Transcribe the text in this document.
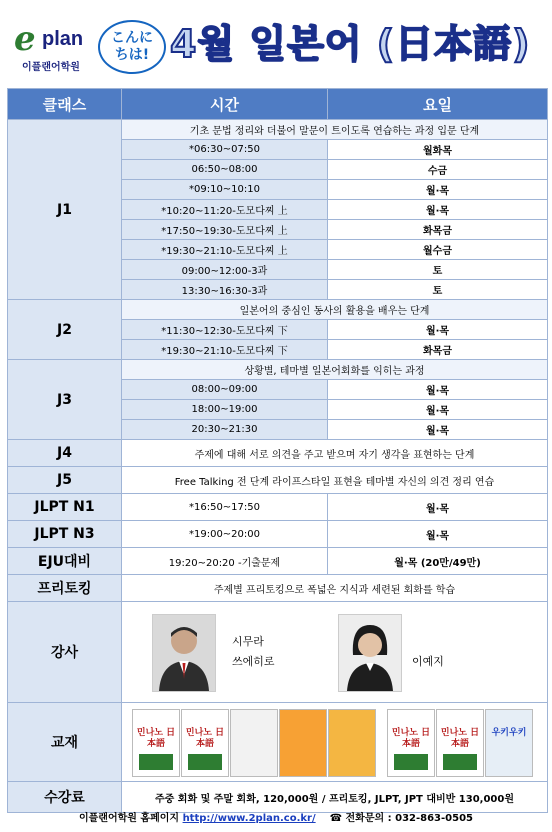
e plan
이플랜어학원
こんに
ちは! 4월 일본어 (日本語)
클래스	시간	요일
J1	기초 문법 정리와 더불어 말문이 트이도록 연습하는 과정 입문 단계	
	*06:30~07:50	월화목
	06:50~08:00	수금
	*09:10~10:10	월·목
	*10:20~11:20-도모다찌 上	월·목
	*17:50~19:30-도모다찌 上	화목금
	*19:30~21:10-도모다찌 上	월수금
	09:00~12:00-3과	토
	13:30~16:30-3과	토
J2	일본어의 중심인 동사의 활용을 배우는 단계	
	*11:30~12:30-도모다찌 下	월·목
	*19:30~21:10-도모다찌 下	화목금
J3	상황별, 테마별 일본어회화를 익히는 과정	
	08:00~09:00	월·목
	18:00~19:00	월·목
	20:30~21:30	월·목
J4	주제에 대해 서로 의견을 주고 받으며 자기 생각을 표현하는 단계	
J5	Free Talking 전 단계 라이프스타일 표현을 테마별 자신의 의견 정리 연습	
JLPT N1	*16:50~17:50	월·목
JLPT N3	*19:00~20:00	월·목
EJU대비	19:20~20:20 -기출문제	월·목 (20만/49만)
프리토킹	주제별 프리토킹으로 폭넓은 지식과 세련된 회화를 학습	
강사	시무라
쓰에히로 이예지	

교재	민나노 日本語
민나노 日本語
민나노 日本語
민나노 日本語
우키우키	

수강료	주중 회화 및 주말 회화, 120,000원 / 프리토킹, JLPT, JPT 대비반 130,000원	
이플랜어학원 홈페이지 http://www.2plan.co.kr/ ☎ 전화문의 : 032-863-0505
